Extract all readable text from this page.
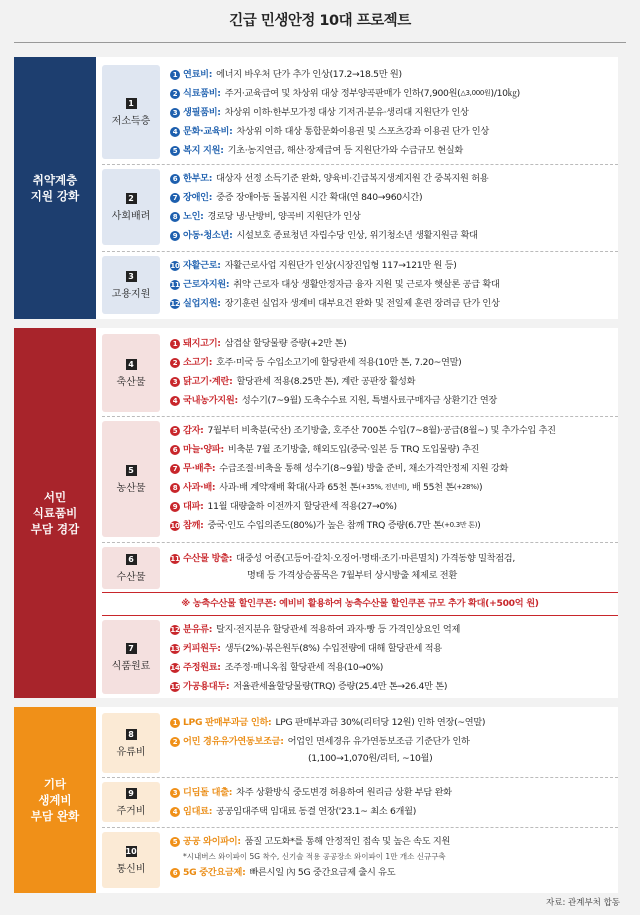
긴급 민생안정 10대 프로젝트
취약계층
지원 강화
1
저소득층
1 연료비: 에너지 바우처 단가 추가 인상(17.2→18.5만 원)
2 식료품비: 주거·교육급여 및 차상위 대상 정부양곡판매가 인하(7,900원( △3,000원 )/10㎏)
3 생필품비: 차상위 이하·한부모가정 대상 기저귀·분유·생리대 지원단가 인상
4 문화·교육비: 차상위 이하 대상 통합문화이용권 및 스포츠강좌 이용권 단가 인상
5 복지 지원: 기초·농지연금, 해산·장제급여 등 지원단가와 수급규모 현실화
2
사회배려
6 한부모: 대상자 선정 소득기준 완화, 양육비·긴급복지생계지원 간 중복지원 허용
7 장애인: 중증 장애아동 돌봄지원 시간 확대(연 840→960시간)
8 노인: 경로당 냉·난방비, 양곡비 지원단가 인상
9 아동·청소년: 시설보호 종료청년 자립수당 인상, 위기청소년 생활지원금 확대
3
고용지원
10 자활근로: 자활근로사업 지원단가 인상(시장진입형 117→121만 원 등)
11 근로자지원: 취약 근로자 대상 생활안정자금 융자 지원 및 근로자 햇살론 공급 확대
12 실업지원: 장기훈련 실업자 생계비 대부요건 완화 및 전일제 훈련 장려금 단가 인상
서민
식료품비
부담 경감
4
축산물
1 돼지고기: 삼겹살 할당물량 증량(+2만 톤)
2 소고기: 호주·미국 등 수입소고기에 할당관세 적용(10만 톤, 7.20~연말)
3 닭고기·계란: 할당관세 적용(8.25만 톤), 계란 공판장 활성화
4 국내농가지원: 성수기(7~9월) 도축수수료 지원, 특별사료구매자금 상환기간 연장
5
농산물
5 감자: 7월부터 비축분(국산) 조기방출, 호주산 700톤 수입(7~8월)·공급(8월~) 및 추가수입 추진
6 마늘·양파: 비축분 7월 조기방출, 해외도입(중국·일본 등 TRQ 도입물량) 추진
7 무·배추: 수급조절·비축을 통해 성수기(8~9월) 방출 준비, 채소가격안정제 지원 강화
8 사과·배: 사과·배 계약재배 확대(사과 65천 톤 (+35%, 전년비) , 배 55천 톤 (+28%) )
9 대파: 11월 대량출하 이전까지 할당관세 적용(27→0%)
10 참깨: 중국·인도 수입의존도(80%)가 높은 참깨 TRQ 증량(6.7만 톤 (+0.3만 톤) )
6
수산물
11 수산물 방출: 대중성 어종(고등어·갈치·오징어·명태·조기·마른멸치) 가격동향 밀착점검,
명태 등 가격상승품목은 7월부터 상시방출 체제로 전환
※ 농축수산물 할인쿠폰: 예비비 활용하여 농축수산물 할인쿠폰 규모 추가 확대(+500억 원)
7
식품원료
12 분유류: 탈지·전지분유 할당관세 적용하여 과자·빵 등 가격인상요인 억제
13 커피원두: 생두(2%)·볶은원두(8%) 수입전량에 대해 할당관세 적용
14 주정원료: 조주정·매니옥칩 할당관세 적용(10→0%)
15 가공용대두: 저율관세율할당물량(TRQ) 증량(25.4만 톤→26.4만 톤)
기타
생계비
부담 완화
8
유류비
1 LPG 판매부과금 인하: LPG 판매부과금 30%(리터당 12원) 인하 연장(~연말)
2 어민 경유유가연동보조금: 어업인 면세경유 유가연동보조금 기준단가 인하
(1,100→1,070원/리터, ~10월)
9
주거비
3 디딤돌 대출: 차주 상환방식 중도변경 허용하여 원리금 상환 부담 완화
4 임대료: 공공임대주택 임대료 동결 연장('23.1~ 최소 6개월)
10
통신비
5 공공 와이파이: 품질 고도화*를 통해 안정적인 접속 및 높은 속도 지원
*시내버스 와이파이 5G 착수, 신기술 적용 공공장소 와이파이 1만 개소 신규구축
6 5G 중간요금제: 빠른시일 內 5G 중간요금제 출시 유도
자료: 관계부처 합동
